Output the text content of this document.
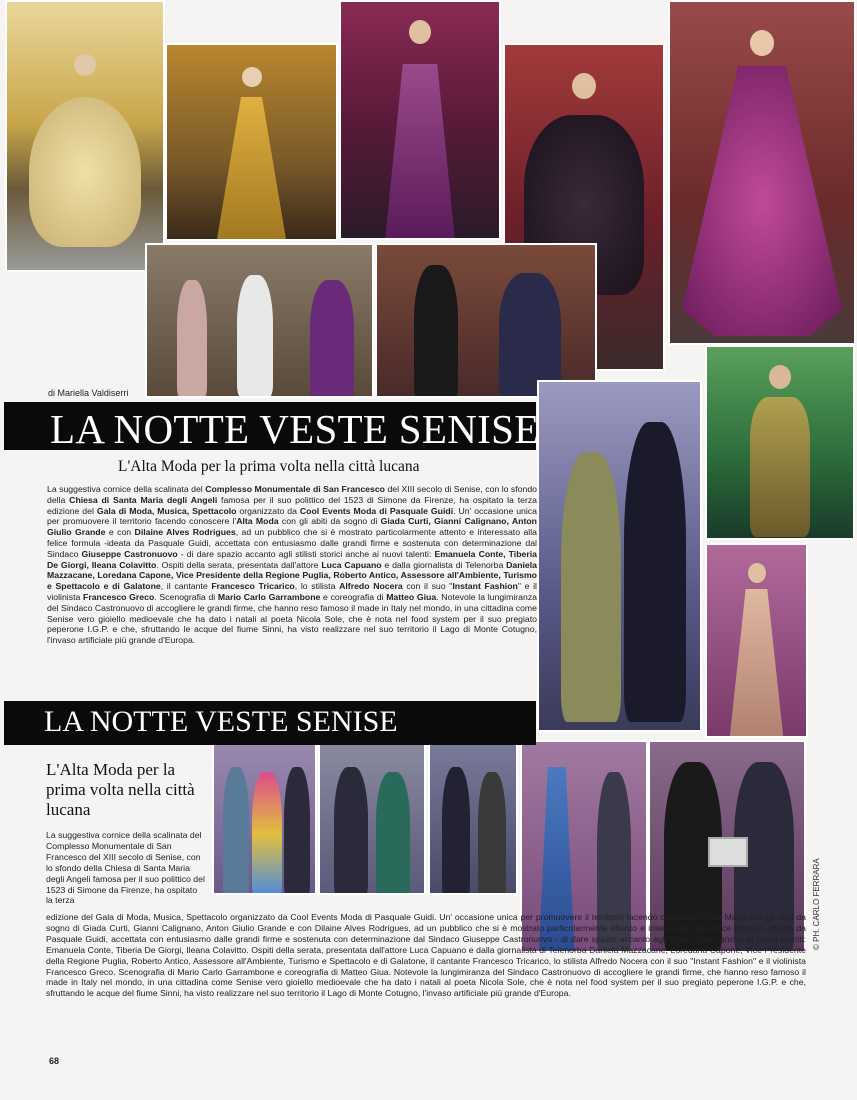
di Mariella Valdiserri
LA NOTTE VESTE SENISE
L'Alta Moda per la prima volta nella città lucana
La suggestiva cornice della scalinata del Complesso Monumentale di San Francesco del XIII secolo di Senise, con lo sfondo della Chiesa di Santa Maria degli Angeli famosa per il suo polittico del 1523 di Simone da Firenze, ha ospitato la terza edizione del Gala di Moda, Musica, Spettacolo organizzato da Cool Events Moda di Pasquale Guidi. Un' occasione unica per promuovere il territorio facendo conoscere l'Alta Moda con gli abiti da sogno di Giada Curti, Gianni Calignano, Anton Giulio Grande e con Dilaine Alves Rodrigues, ad un pubblico che si è mostrato particolarmente attento e interessato alla felice formula -ideata da Pasquale Guidi, accettata con entusiasmo dalle grandi firme e sostenuta con determinazione dal Sindaco Giuseppe Castronuovo - di dare spazio accanto agli stilisti storici anche ai nuovi talenti: Emanuela Conte, Tiberia De Giorgi, Ileana Colavitto. Ospiti della serata, presentata dall'attore Luca Capuano e dalla giornalista di Telenorba Daniela Mazzacane, Loredana Capone, Vice Presidente della Regione Puglia, Roberto Antico, Assessore all'Ambiente, Turismo e Spettacolo e di Galatone, il cantante Francesco Tricarico, lo stilista Alfredo Nocera con il suo "Instant Fashion" e il violinista Francesco Greco. Scenografia di Mario Carlo Garrambone e coreografia di Matteo Giua. Notevole la lungimiranza del Sindaco Castronuovo di accogliere le grandi firme, che hanno reso famoso il made in Italy nel mondo, in una cittadina come Senise vero gioiello medioevale che ha dato i natali al poeta Nicola Sole, che è nota nel food system per il suo pregiato peperone I.G.P. e che, sfruttando le acque del fiume Sinni, ha visto realizzare nel suo territorio il Lago di Monte Cotugno, l'invaso artificiale più grande d'Europa.
LA NOTTE VESTE SENISE
L'Alta Moda per la prima volta nella città lucana
La suggestiva cornice della scalinata del Complesso Monumentale di San Francesco del XIII secolo di Senise, con lo sfondo della Chiesa di Santa Maria degli Angeli famosa per il suo polittico del 1523 di Simone da Firenze, ha ospitato la terza
edizione del Gala di Moda, Musica, Spettacolo organizzato da Cool Events Moda di Pasquale Guidi. Un' occasione unica per promuovere il territorio facendo conoscere l'Alta Moda con gli abiti da sogno di Giada Curti, Gianni Calignano, Anton Giulio Grande e con Dilaine Alves Rodrigues, ad un pubblico che si è mostrato particolarmente attento e interessato alla felice formula -ideata da Pasquale Guidi, accettata con entusiasmo dalle grandi firme e sostenuta con determinazione dal Sindaco Giuseppe Castronuovo - di dare spazio accanto agli stilisti storici anche ai nuovi talenti: Emanuela Conte, Tiberia De Giorgi, Ileana Colavitto. Ospiti della serata, presentata dall'attore Luca Capuano e dalla giornalista di Telenorba Daniela Mazzacane, Loredana Capone, Vice Presidente della Regione Puglia, Roberto Antico, Assessore all'Ambiente, Turismo e Spettacolo e di Galatone, il cantante Francesco Tricarico, lo stilista Alfredo Nocera con il suo "Instant Fashion" e il violinista Francesco Greco. Scenografia di Mario Carlo Garrambone e coreografia di Matteo Giua. Notevole la lungimiranza del Sindaco Castronuovo di accogliere le grandi firme, che hanno reso famoso il made in Italy nel mondo, in una cittadina come Senise vero gioiello medioevale che ha dato i natali al poeta Nicola Sole, che è nota nel food system per il suo pregiato peperone I.G.P. e che, sfruttando le acque del fiume Sinni, ha visto realizzare nel suo territorio il Lago di Monte Cotugno, l'invaso artificiale più grande d'Europa.
© PH. CARLO FERRARA
68
